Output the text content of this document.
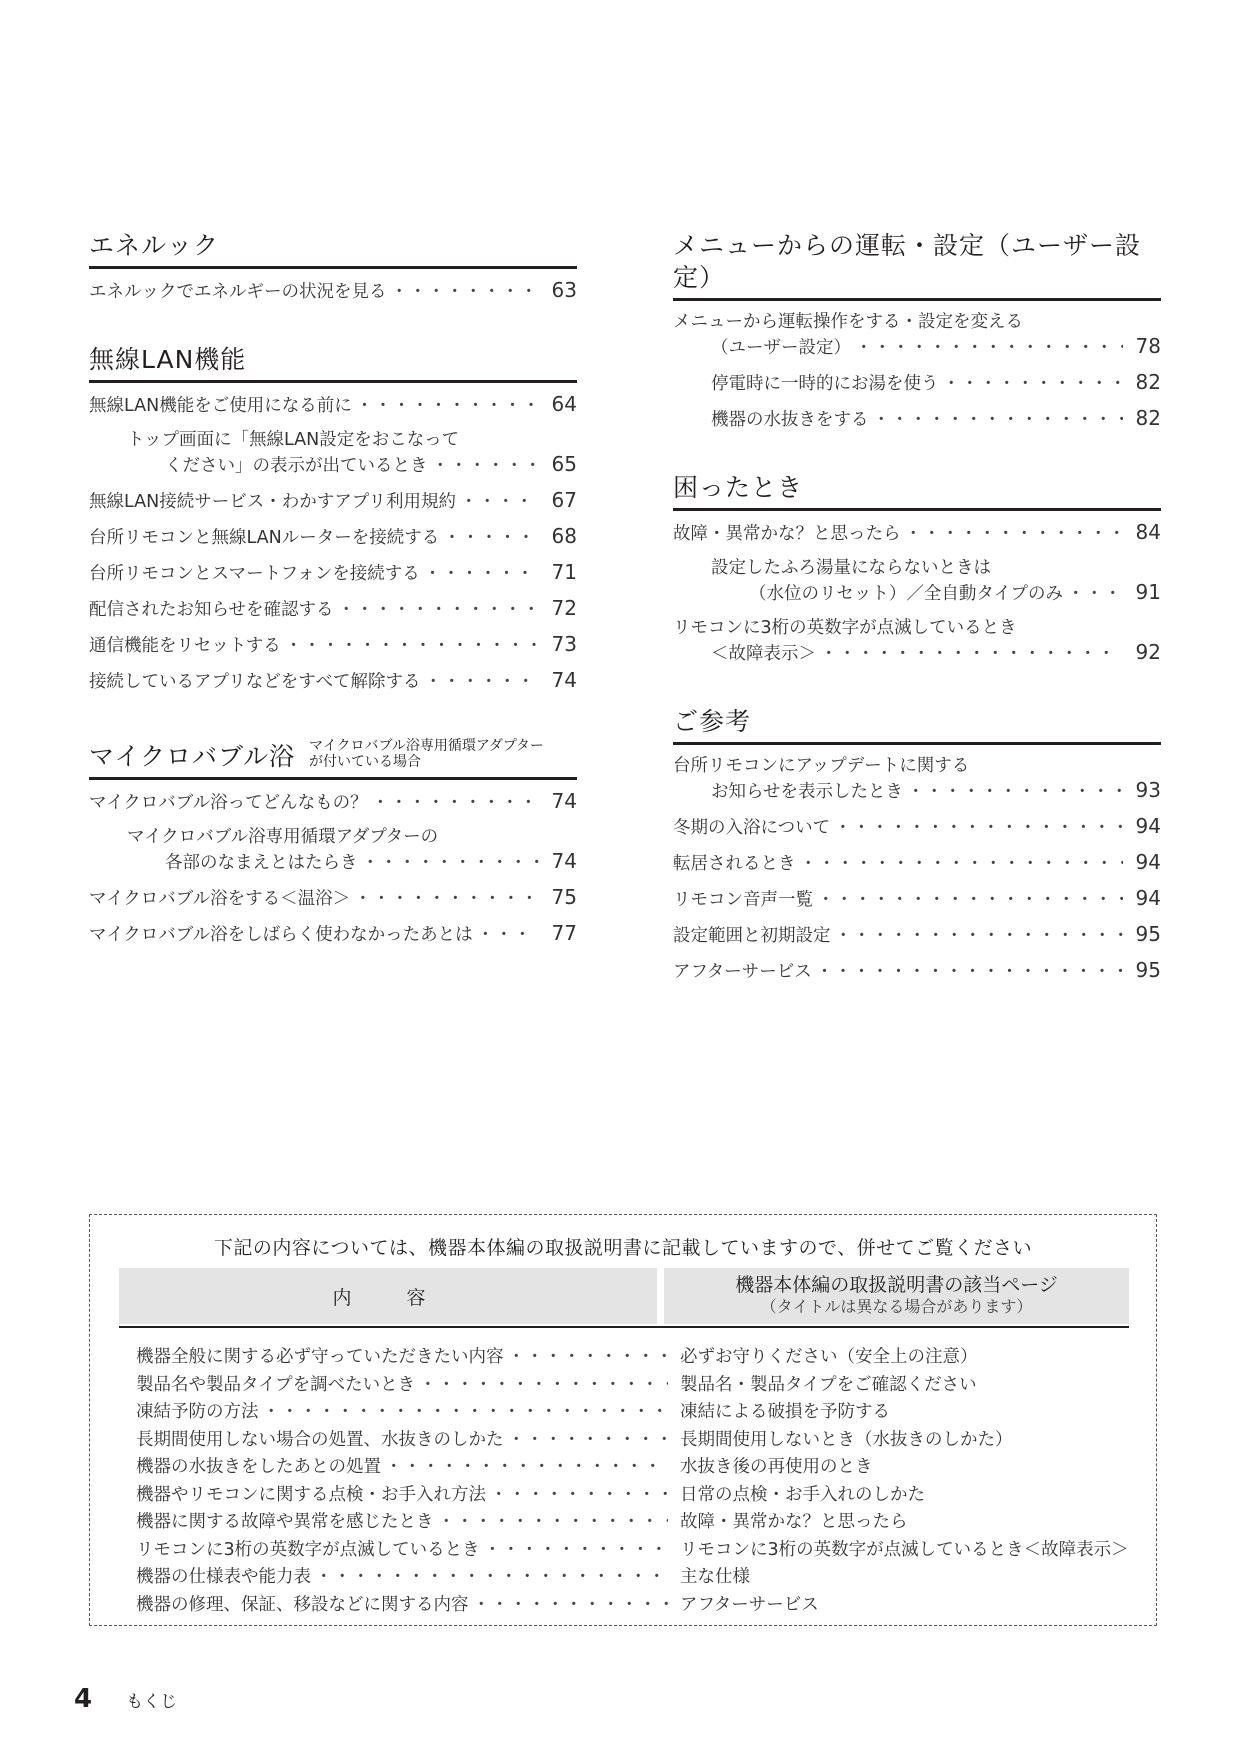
エネルック
エネルックでエネルギーの状況を見る ・・・・・・・・・・・・・・・・・・・・・・・・・・・・・・・・・・・・・・・・・・・・・・・・・・・・・・・・	63
無線LAN機能
無線LAN機能をご使用になる前に ・・・・・・・・・・・・・・・・・・・・・・・・・・・・・・・・・・・・・・・・・・・・・・・・・・・・・・・・	64
トップ画面に「無線LAN設定をおこなって
ください」の表示が出ているとき ・・・・・・・・・・・・・・・・・・・・・・・・・・・・・・・・・・・・・・・・・・・・・・・・・・・・・・・・	65
無線LAN接続サービス・わかすアプリ利用規約 ・・・・・・・・・・・・・・・・・・・・・・・・・・・・・・・・・・・・・・・・・・・・・・・・・・・・・・・・	67
台所リモコンと無線LANルーターを接続する ・・・・・・・・・・・・・・・・・・・・・・・・・・・・・・・・・・・・・・・・・・・・・・・・・・・・・・・・	68
台所リモコンとスマートフォンを接続する ・・・・・・・・・・・・・・・・・・・・・・・・・・・・・・・・・・・・・・・・・・・・・・・・・・・・・・・・	71
配信されたお知らせを確認する ・・・・・・・・・・・・・・・・・・・・・・・・・・・・・・・・・・・・・・・・・・・・・・・・・・・・・・・・	72
通信機能をリセットする ・・・・・・・・・・・・・・・・・・・・・・・・・・・・・・・・・・・・・・・・・・・・・・・・・・・・・・・・	73
接続しているアプリなどをすべて解除する ・・・・・・・・・・・・・・・・・・・・・・・・・・・・・・・・・・・・・・・・・・・・・・・・・・・・・・・・	74
マイクロバブル浴 マイクロバブル浴専用循環アダプターが付いている場合
マイクロバブル浴ってどんなもの？ ・・・・・・・・・・・・・・・・・・・・・・・・・・・・・・・・・・・・・・・・・・・・・・・・・・・・・・・・	74
マイクロバブル浴専用循環アダプターの
各部のなまえとはたらき ・・・・・・・・・・・・・・・・・・・・・・・・・・・・・・・・・・・・・・・・・・・・・・・・・・・・・・・・	74
マイクロバブル浴をする＜温浴＞ ・・・・・・・・・・・・・・・・・・・・・・・・・・・・・・・・・・・・・・・・・・・・・・・・・・・・・・・・	75
マイクロバブル浴をしばらく使わなかったあとは ・・・・・・・・・・・・・・・・・・・・・・・・・・・・・・・・・・・・・・・・・・・・・・・・・・・・・・・・	77
メニューからの運転・設定（ユーザー設定）
メニューから運転操作をする・設定を変える
（ユーザー設定） ・・・・・・・・・・・・・・・・・・・・・・・・・・・・・・・・・・・・・・・・・・・・・・・・・・・・・・・・	78
停電時に一時的にお湯を使う ・・・・・・・・・・・・・・・・・・・・・・・・・・・・・・・・・・・・・・・・・・・・・・・・・・・・・・・・	82
機器の水抜きをする ・・・・・・・・・・・・・・・・・・・・・・・・・・・・・・・・・・・・・・・・・・・・・・・・・・・・・・・・	82
困ったとき
故障・異常かな？と思ったら ・・・・・・・・・・・・・・・・・・・・・・・・・・・・・・・・・・・・・・・・・・・・・・・・・・・・・・・・	84
設定したふろ湯量にならないときは
（水位のリセット）／全自動タイプのみ ・・・・・・・・・・・・・・・・・・・・・・・・・・・・・・・・・・・・・・・・・・・・・・・・・・・・・・・・	91
リモコンに3桁の英数字が点滅しているとき
＜故障表示＞ ・・・・・・・・・・・・・・・・・・・・・・・・・・・・・・・・・・・・・・・・・・・・・・・・・・・・・・・・	92
ご参考
台所リモコンにアップデートに関する
お知らせを表示したとき ・・・・・・・・・・・・・・・・・・・・・・・・・・・・・・・・・・・・・・・・・・・・・・・・・・・・・・・・	93
冬期の入浴について ・・・・・・・・・・・・・・・・・・・・・・・・・・・・・・・・・・・・・・・・・・・・・・・・・・・・・・・・	94
転居されるとき ・・・・・・・・・・・・・・・・・・・・・・・・・・・・・・・・・・・・・・・・・・・・・・・・・・・・・・・・	94
リモコン音声一覧 ・・・・・・・・・・・・・・・・・・・・・・・・・・・・・・・・・・・・・・・・・・・・・・・・・・・・・・・・	94
設定範囲と初期設定 ・・・・・・・・・・・・・・・・・・・・・・・・・・・・・・・・・・・・・・・・・・・・・・・・・・・・・・・・	95
アフターサービス ・・・・・・・・・・・・・・・・・・・・・・・・・・・・・・・・・・・・・・・・・・・・・・・・・・・・・・・・	95
下記の内容については、機器本体編の取扱説明書に記載していますので、併せてご覧ください
内　容
機器本体編の取扱説明書の該当ページ
（タイトルは異なる場合があります）
機器全般に関する必ず守っていただきたい内容 ・・・・・・・・・・・・・・・・・・・・・・・・・・・・・・・・・・・・・・・・・・・・・・・・・・・・・・・・	必ずお守りください（安全上の注意）
製品名や製品タイプを調べたいとき ・・・・・・・・・・・・・・・・・・・・・・・・・・・・・・・・・・・・・・・・・・・・・・・・・・・・・・・・	製品名・製品タイプをご確認ください
凍結予防の方法 ・・・・・・・・・・・・・・・・・・・・・・・・・・・・・・・・・・・・・・・・・・・・・・・・・・・・・・・・	凍結による破損を予防する
長期間使用しない場合の処置、水抜きのしかた ・・・・・・・・・・・・・・・・・・・・・・・・・・・・・・・・・・・・・・・・・・・・・・・・・・・・・・・・	長期間使用しないとき（水抜きのしかた）
機器の水抜きをしたあとの処置 ・・・・・・・・・・・・・・・・・・・・・・・・・・・・・・・・・・・・・・・・・・・・・・・・・・・・・・・・	水抜き後の再使用のとき
機器やリモコンに関する点検・お手入れ方法 ・・・・・・・・・・・・・・・・・・・・・・・・・・・・・・・・・・・・・・・・・・・・・・・・・・・・・・・・	日常の点検・お手入れのしかた
機器に関する故障や異常を感じたとき ・・・・・・・・・・・・・・・・・・・・・・・・・・・・・・・・・・・・・・・・・・・・・・・・・・・・・・・・	故障・異常かな？と思ったら
リモコンに3桁の英数字が点滅しているとき ・・・・・・・・・・・・・・・・・・・・・・・・・・・・・・・・・・・・・・・・・・・・・・・・・・・・・・・・	リモコンに3桁の英数字が点滅しているとき＜故障表示＞
機器の仕様表や能力表 ・・・・・・・・・・・・・・・・・・・・・・・・・・・・・・・・・・・・・・・・・・・・・・・・・・・・・・・・	主な仕様
機器の修理、保証、移設などに関する内容 ・・・・・・・・・・・・・・・・・・・・・・・・・・・・・・・・・・・・・・・・・・・・・・・・・・・・・・・・	アフターサービス
4 もくじ
